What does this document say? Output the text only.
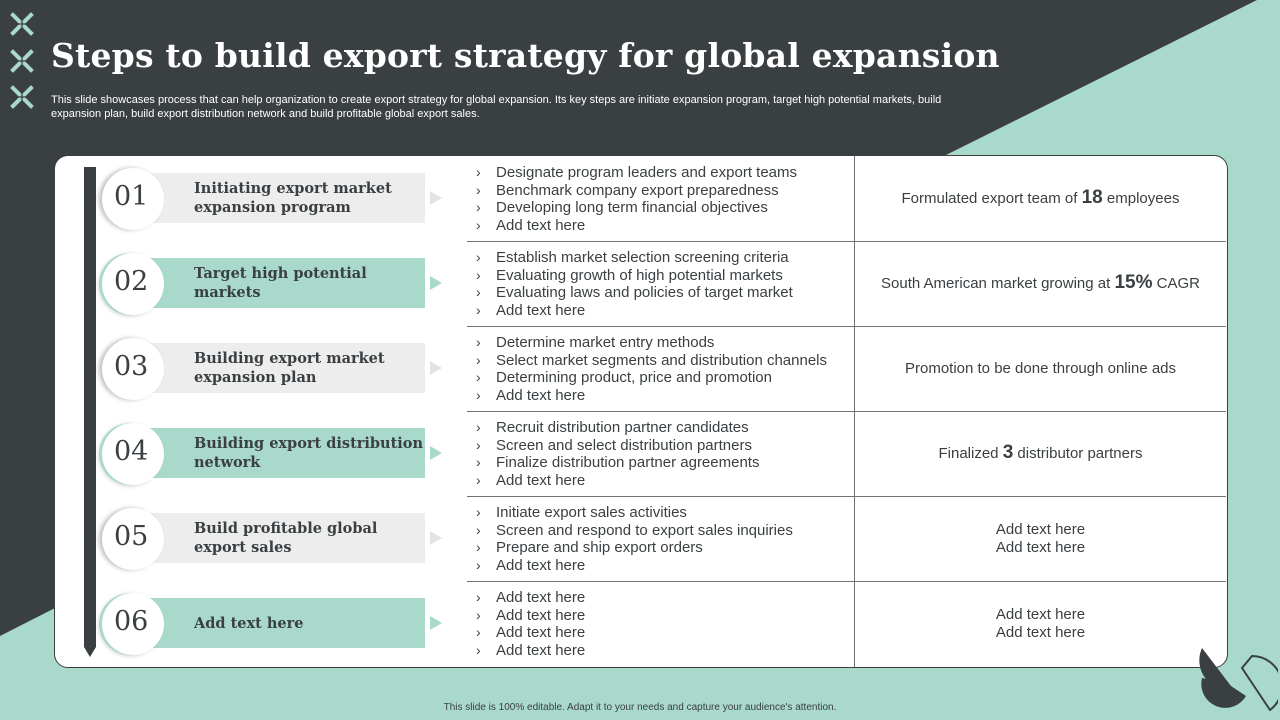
Steps to build export strategy for global expansion

This slide showcases process that can help organization to create export strategy for global expansion. Its key steps are initiate expansion program, target high potential markets, build expansion plan, build export distribution network and build profitable global export sales.

Initiating export market expansion program
01
› Designate program leaders and export teams
› Benchmark company export preparedness
› Developing long term financial objectives
› Add text here
Formulated export team of 18 employees
Target high potential markets
02
› Establish market selection screening criteria
› Evaluating growth of high potential markets
› Evaluating laws and policies of target market
› Add text here
South American market growing at 15% CAGR
Building export market expansion plan
03
› Determine market entry methods
› Select market segments and distribution channels
› Determining product, price and promotion
› Add text here
Promotion to be done through online ads
Building export distribution network
04
› Recruit distribution partner candidates
› Screen and select distribution partners
› Finalize distribution partner agreements
› Add text here
Finalized 3 distributor partners
Build profitable global export sales
05
› Initiate export sales activities
› Screen and respond to export sales inquiries
› Prepare and ship export orders
› Add text here
Add text here
Add text here
Add text here
06
› Add text here
› Add text here
› Add text here
› Add text here
Add text here
Add text here
This slide is 100% editable. Adapt it to your needs and capture your audience's attention.
